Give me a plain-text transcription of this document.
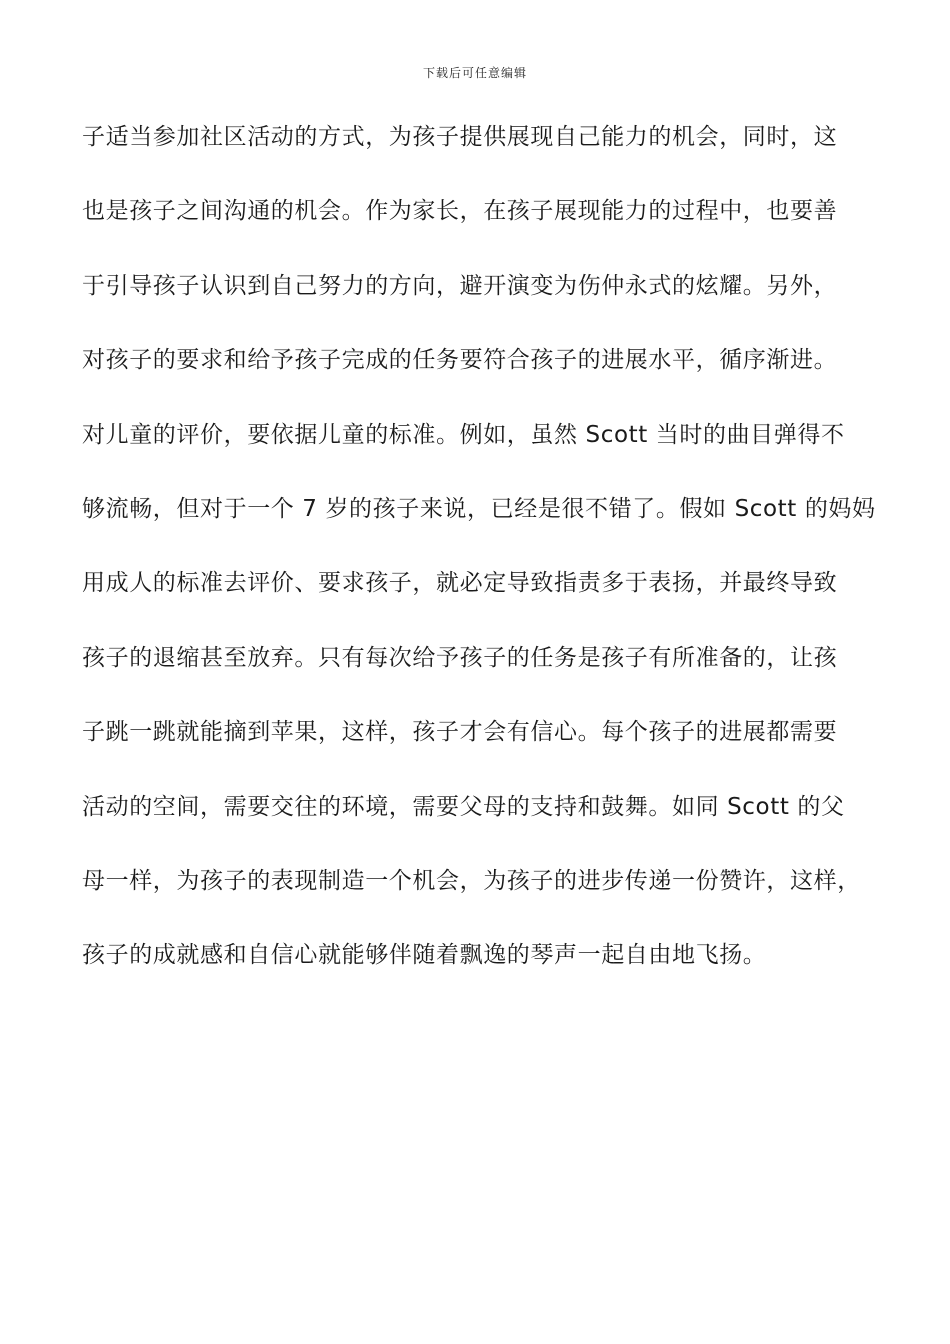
下载后可任意编辑
子适当参加社区活动的方式，为孩子提供展现自己能力的机会，同时，这
也是孩子之间沟通的机会。作为家长，在孩子展现能力的过程中，也要善
于引导孩子认识到自己努力的方向，避开演变为伤仲永式的炫耀。另外，
对孩子的要求和给予孩子完成的任务要符合孩子的进展水平，循序渐进。
对儿童的评价，要依据儿童的标准。例如，虽然 Scott 当时的曲目弹得不
够流畅，但对于一个 7 岁的孩子来说，已经是很不错了。假如 Scott 的妈妈
用成人的标准去评价、要求孩子，就必定导致指责多于表扬，并最终导致
孩子的退缩甚至放弃。只有每次给予孩子的任务是孩子有所准备的，让孩
子跳一跳就能摘到苹果，这样，孩子才会有信心。每个孩子的进展都需要
活动的空间，需要交往的环境，需要父母的支持和鼓舞。如同 Scott 的父
母一样，为孩子的表现制造一个机会，为孩子的进步传递一份赞许，这样，
孩子的成就感和自信心就能够伴随着飘逸的琴声一起自由地飞扬。
